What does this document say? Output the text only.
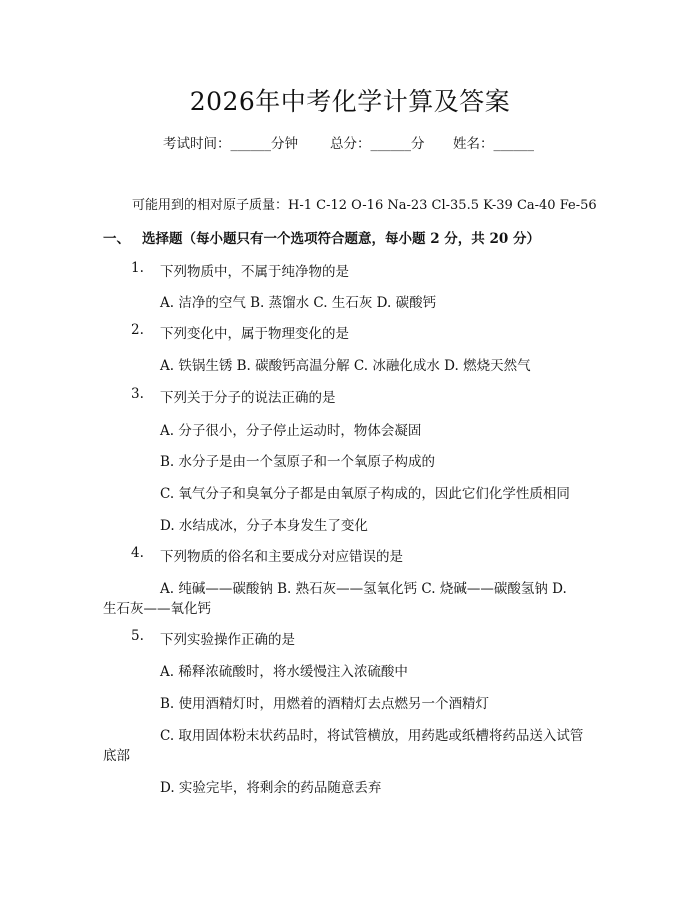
2026年中考化学计算及答案
考试时间：______分钟 总分：______分 姓名：______
可能用到的相对原子质量：H-1 C-12 O-16 Na-23 Cl-35.5 K-39 Ca-40 Fe-56
一、 选择题（每小题只有一个选项符合题意，每小题 2 分，共 20 分）
1. 下列物质中，不属于纯净物的是
A. 洁净的空气 B. 蒸馏水 C. 生石灰 D. 碳酸钙
2. 下列变化中，属于物理变化的是
A. 铁锅生锈 B. 碳酸钙高温分解 C. 冰融化成水 D. 燃烧天然气
3. 下列关于分子的说法正确的是
A. 分子很小，分子停止运动时，物体会凝固
B. 水分子是由一个氢原子和一个氧原子构成的
C. 氧气分子和臭氧分子都是由氧原子构成的，因此它们化学性质相同
D. 水结成冰，分子本身发生了变化
4. 下列物质的俗名和主要成分对应错误的是
A. 纯碱——碳酸钠 B. 熟石灰——氢氧化钙 C. 烧碱——碳酸氢钠 D.
生石灰——氧化钙
5. 下列实验操作正确的是
A. 稀释浓硫酸时，将水缓慢注入浓硫酸中
B. 使用酒精灯时，用燃着的酒精灯去点燃另一个酒精灯
C. 取用固体粉末状药品时，将试管横放，用药匙或纸槽将药品送入试管
底部
D. 实验完毕，将剩余的药品随意丢弃
